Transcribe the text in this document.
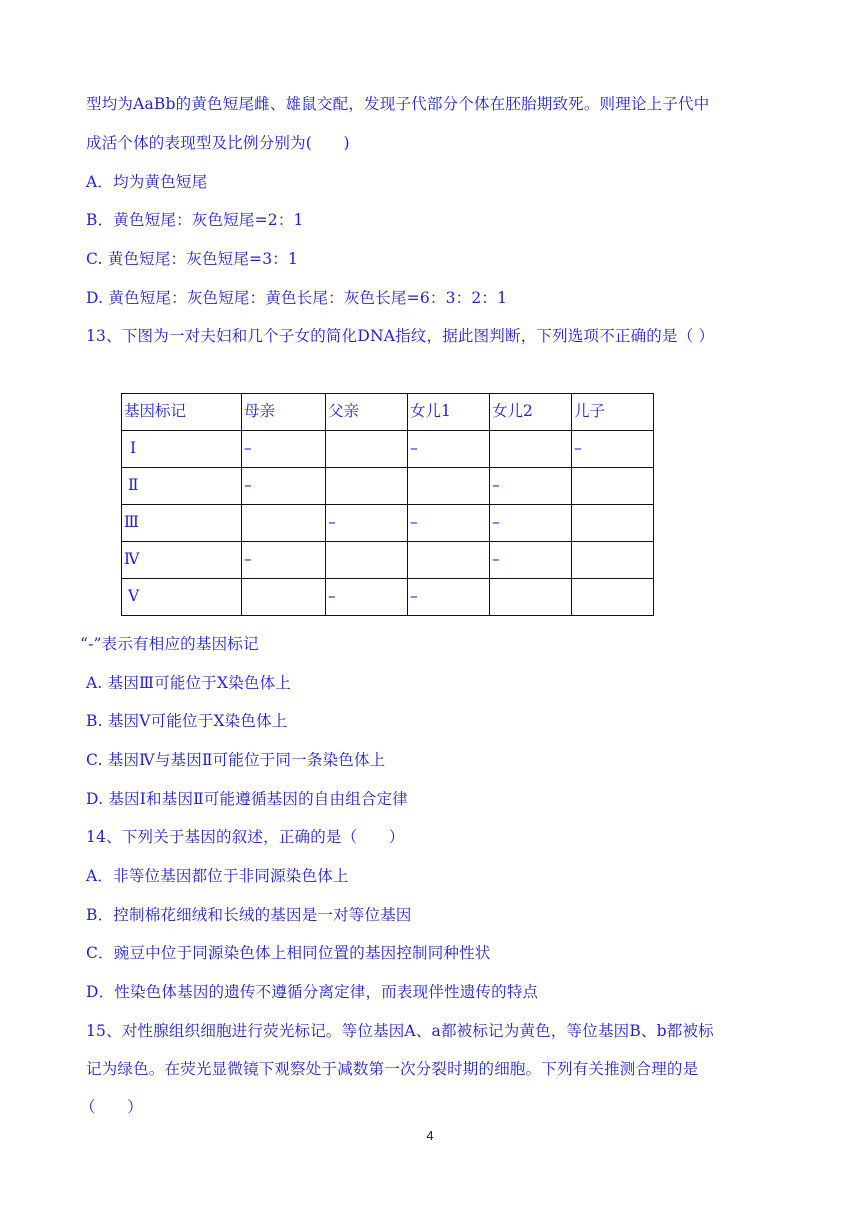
型均为AaBb的黄色短尾雌、雄鼠交配，发现子代部分个体在胚胎期致死。则理论上子代中
成活个体的表现型及比例分别为(　　)
A．均为黄色短尾
B．黄色短尾：灰色短尾=2：1
C. 黄色短尾：灰色短尾=3：1
D. 黄色短尾：灰色短尾：黄色长尾：灰色长尾=6：3：2：1
13、下图为一对夫妇和几个子女的简化DNA指纹，据此图判断，下列选项不正确的是（ ）
基因标记	母亲	父亲	女儿1	女儿2	儿子
Ⅰ	–		–		–
Ⅱ	–			–	
Ⅲ		–	–	–	
Ⅳ	–			–	
Ⅴ		–	–		
“-”表示有相应的基因标记
A. 基因Ⅲ可能位于X染色体上
B. 基因Ⅴ可能位于X染色体上
C. 基因Ⅳ与基因Ⅱ可能位于同一条染色体上
D. 基因Ⅰ和基因Ⅱ可能遵循基因的自由组合定律
14、下列关于基因的叙述，正确的是（　　）
A．非等位基因都位于非同源染色体上
B．控制棉花细绒和长绒的基因是一对等位基因
C．豌豆中位于同源染色体上相同位置的基因控制同种性状
D．性染色体基因的遗传不遵循分离定律，而表现伴性遗传的特点
15、对性腺组织细胞进行荧光标记。等位基因A、a都被标记为黄色，等位基因B、b都被标
记为绿色。在荧光显微镜下观察处于减数第一次分裂时期的细胞。下列有关推测合理的是
（　　）
4
